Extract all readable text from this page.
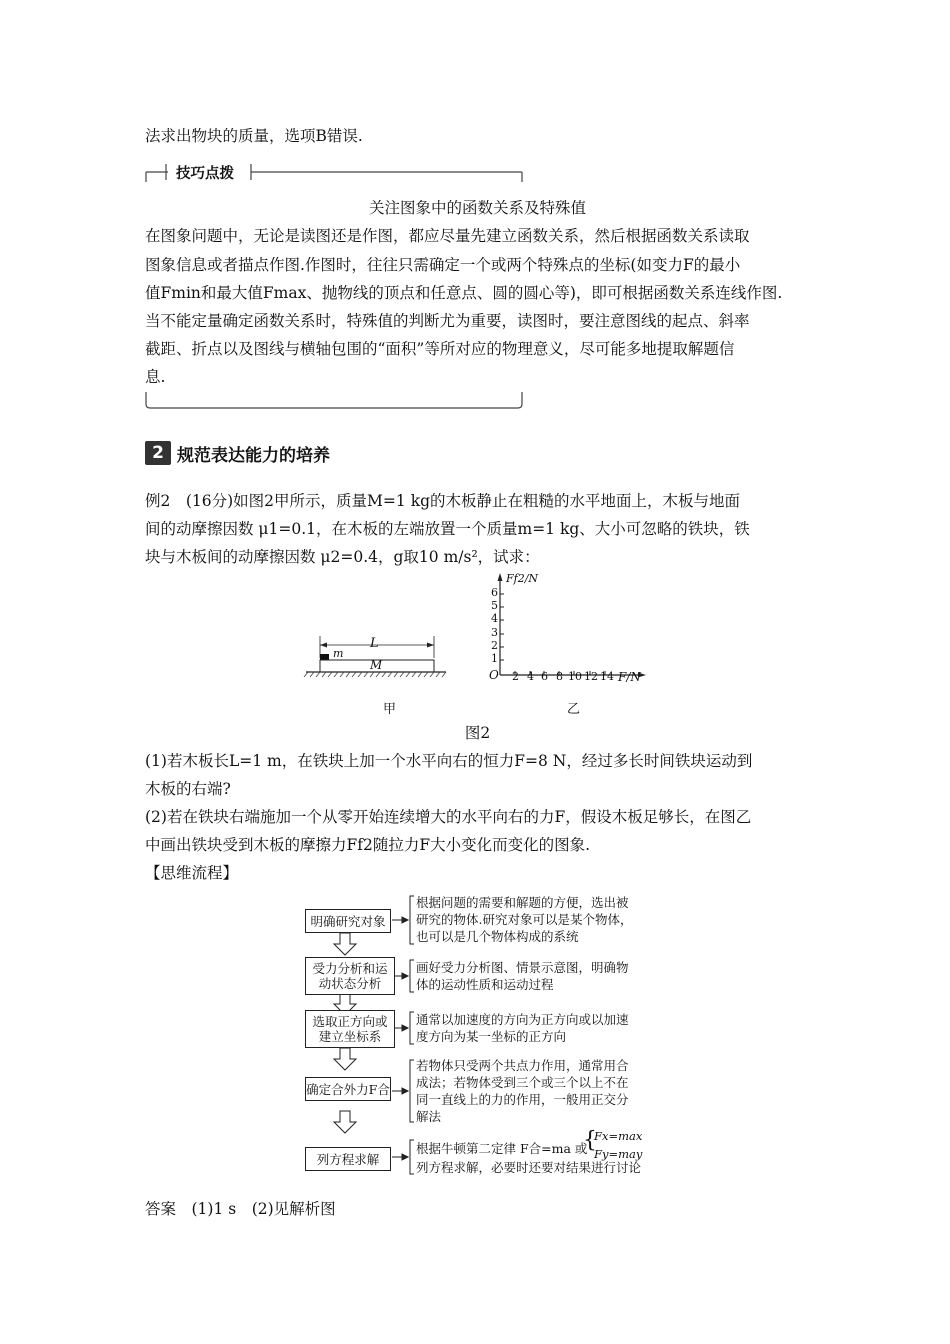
法求出物块的质量，选项B错误.
技巧点拨
关注图象中的函数关系及特殊值
在图象问题中，无论是读图还是作图，都应尽量先建立函数关系，然后根据函数关系读取
图象信息或者描点作图.作图时，往往只需确定一个或两个特殊点的坐标(如变力F的最小
值Fmin和最大值Fmax、抛物线的顶点和任意点、圆的圆心等)，即可根据函数关系连线作图.
当不能定量确定函数关系时，特殊值的判断尤为重要，读图时，要注意图线的起点、斜率
截距、折点以及图线与横轴包围的“面积”等所对应的物理意义，尽可能多地提取解题信
息.
2 规范表达能力的培养
例2　(16分)如图2甲所示，质量M=1 kg的木板静止在粗糙的水平地面上，木板与地面
间的动摩擦因数 μ1=0.1，在木板的左端放置一个质量m=1 kg、大小可忽略的铁块，铁
块与木板间的动摩擦因数 μ2=0.4，g取10 m/s²，试求：
L
m
M
甲
Ff2/N
O	F/N
1
2
3
4
5
6
2 4 6 8 10 12 14
乙
图2
(1)若木板长L=1 m，在铁块上加一个水平向右的恒力F=8 N，经过多长时间铁块运动到
木板的右端?
(2)若在铁块右端施加一个从零开始连续增大的水平向右的力F，假设木板足够长，在图乙
中画出铁块受到木板的摩擦力Ff2随拉力F大小变化而变化的图象.
【思维流程】
明确研究对象
受力分析和运动状态分析
选取正方向或建立坐标系
确定合外力F合
列方程求解
根据问题的需要和解题的方便，选出被
研究的物体.研究对象可以是某个物体，
也可以是几个物体构成的系统
画好受力分析图、情景示意图，明确物
体的运动性质和运动过程
通常以加速度的方向为正方向或以加速
度方向为某一坐标的正方向
若物体只受两个共点力作用，通常用合
成法；若物体受到三个或三个以上不在
同一直线上的力的作用，一般用正交分
解法
根据牛顿第二定律 F合=ma 或
列方程求解，必要时还要对结果进行讨论
{
Fx=max
Fy=may
答案　(1)1 s　(2)见解析图
